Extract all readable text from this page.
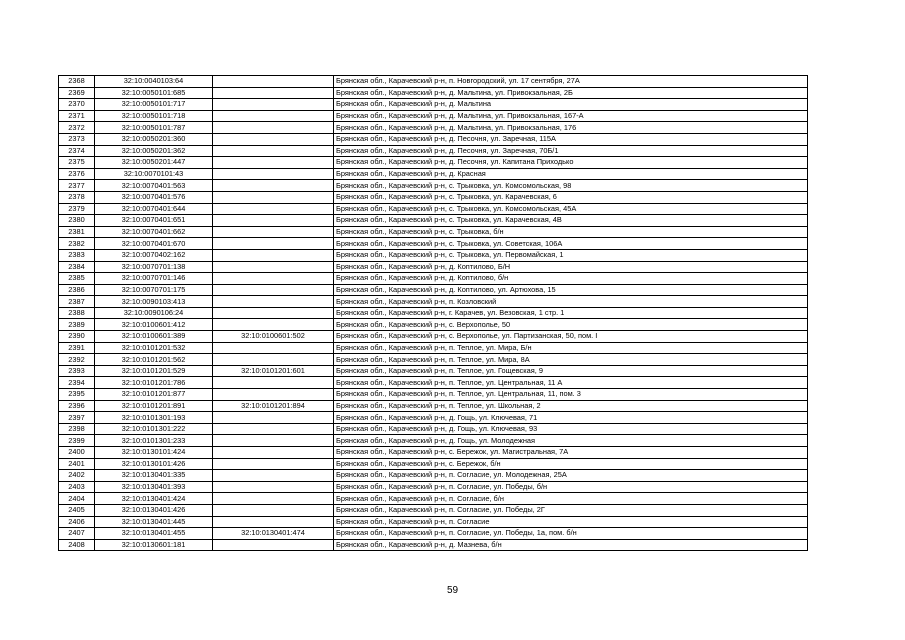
2368	32:10:0040103:64		Брянская обл., Карачевский р-н, п. Новгородский, ул. 17 сентября, 27А
2369	32:10:0050101:685		Брянская обл., Карачевский р-н, д. Мальтина, ул. Привокзальная, 2Б
2370	32:10:0050101:717		Брянская обл., Карачевский р-н, д. Мальтина
2371	32:10:0050101:718		Брянская обл., Карачевский р-н, д. Мальтина, ул. Привокзальная, 167-А
2372	32:10:0050101:787		Брянская обл., Карачевский р-н, д. Мальтина, ул. Привокзальная, 176
2373	32:10:0050201:360		Брянская обл., Карачевский р-н, д. Песочня, ул. Заречная, 115А
2374	32:10:0050201:362		Брянская обл., Карачевский р-н, д. Песочня, ул. Заречная, 70Б/1
2375	32:10:0050201:447		Брянская обл., Карачевский р-н, д. Песочня, ул. Капитана Приходько
2376	32:10:0070101:43		Брянская обл., Карачевский р-н, д. Красная
2377	32:10:0070401:563		Брянская обл., Карачевский р-н, с. Трыковка, ул. Комсомольская, 98
2378	32:10:0070401:576		Брянская обл., Карачевский р-н, с. Трыковка, ул. Карачевская, 6
2379	32:10:0070401:644		Брянская обл., Карачевский р-н, с. Трыковка, ул. Комсомольская, 45А
2380	32:10:0070401:651		Брянская обл., Карачевский р-н, с. Трыковка, ул. Карачевская, 4В
2381	32:10:0070401:662		Брянская обл., Карачевский р-н, с. Трыковка, б/н
2382	32:10:0070401:670		Брянская обл., Карачевский р-н, с. Трыковка, ул. Советская, 106А
2383	32:10:0070402:162		Брянская обл., Карачевский р-н, с. Трыковка, ул. Первомайская, 1
2384	32:10:0070701:138		Брянская обл., Карачевский р-н, д. Коптилово, Б/Н
2385	32:10:0070701:146		Брянская обл., Карачевский р-н, д. Коптилово, б/н
2386	32:10:0070701:175		Брянская обл., Карачевский р-н, д. Коптилово, ул. Артюхова, 15
2387	32:10:0090103:413		Брянская обл., Карачевский р-н, п. Козловский
2388	32:10:0090106:24		Брянская обл., Карачевский р-н, г. Карачев, ул. Везовская, 1 стр. 1
2389	32:10:0100601:412		Брянская обл., Карачевский р-н, с. Верхополье, 50
2390	32:10:0100601:389	32:10:0100601:502	Брянская обл., Карачевский р-н, с. Верхополье, ул. Партизанская, 50, пом. I
2391	32:10:0101201:532		Брянская обл., Карачевский р-н, п. Теплое, ул. Мира, Б/н
2392	32:10:0101201:562		Брянская обл., Карачевский р-н, п. Теплое, ул. Мира, 8А
2393	32:10:0101201:529	32:10:0101201:601	Брянская обл., Карачевский р-н, п. Теплое, ул. Гощевская, 9
2394	32:10:0101201:786		Брянская обл., Карачевский р-н, п. Теплое, ул. Центральная, 11 А
2395	32:10:0101201:877		Брянская обл., Карачевский р-н, п. Теплое, ул. Центральная, 11, пом. 3
2396	32:10:0101201:891	32:10:0101201:894	Брянская обл., Карачевский р-н, п. Теплое, ул. Школьная, 2
2397	32:10:0101301:193		Брянская обл., Карачевский р-н, д. Гощь, ул. Ключевая, 71
2398	32:10:0101301:222		Брянская обл., Карачевский р-н, д. Гощь, ул. Ключевая, 93
2399	32:10:0101301:233		Брянская обл., Карачевский р-н, д. Гощь, ул. Молодежная
2400	32:10:0130101:424		Брянская обл., Карачевский р-н, с. Бережок, ул. Магистральная, 7А
2401	32:10:0130101:426		Брянская обл., Карачевский р-н, с. Бережок, б/н
2402	32:10:0130401:335		Брянская обл., Карачевский р-н, п. Согласие, ул. Молодежная, 25А
2403	32:10:0130401:393		Брянская обл., Карачевский р-н, п. Согласие, ул. Победы, б/н
2404	32:10:0130401:424		Брянская обл., Карачевский р-н, п. Согласие, б/н
2405	32:10:0130401:426		Брянская обл., Карачевский р-н, п. Согласие, ул. Победы, 2Г
2406	32:10:0130401:445		Брянская обл., Карачевский р-н, п. Согласие
2407	32:10:0130401:455	32:10:0130401:474	Брянская обл., Карачевский р-н, п. Согласие, ул. Победы, 1а, пом. б/н
2408	32:10:0130601:181		Брянская обл., Карачевский р-н, д. Мазнева, б/н
59
